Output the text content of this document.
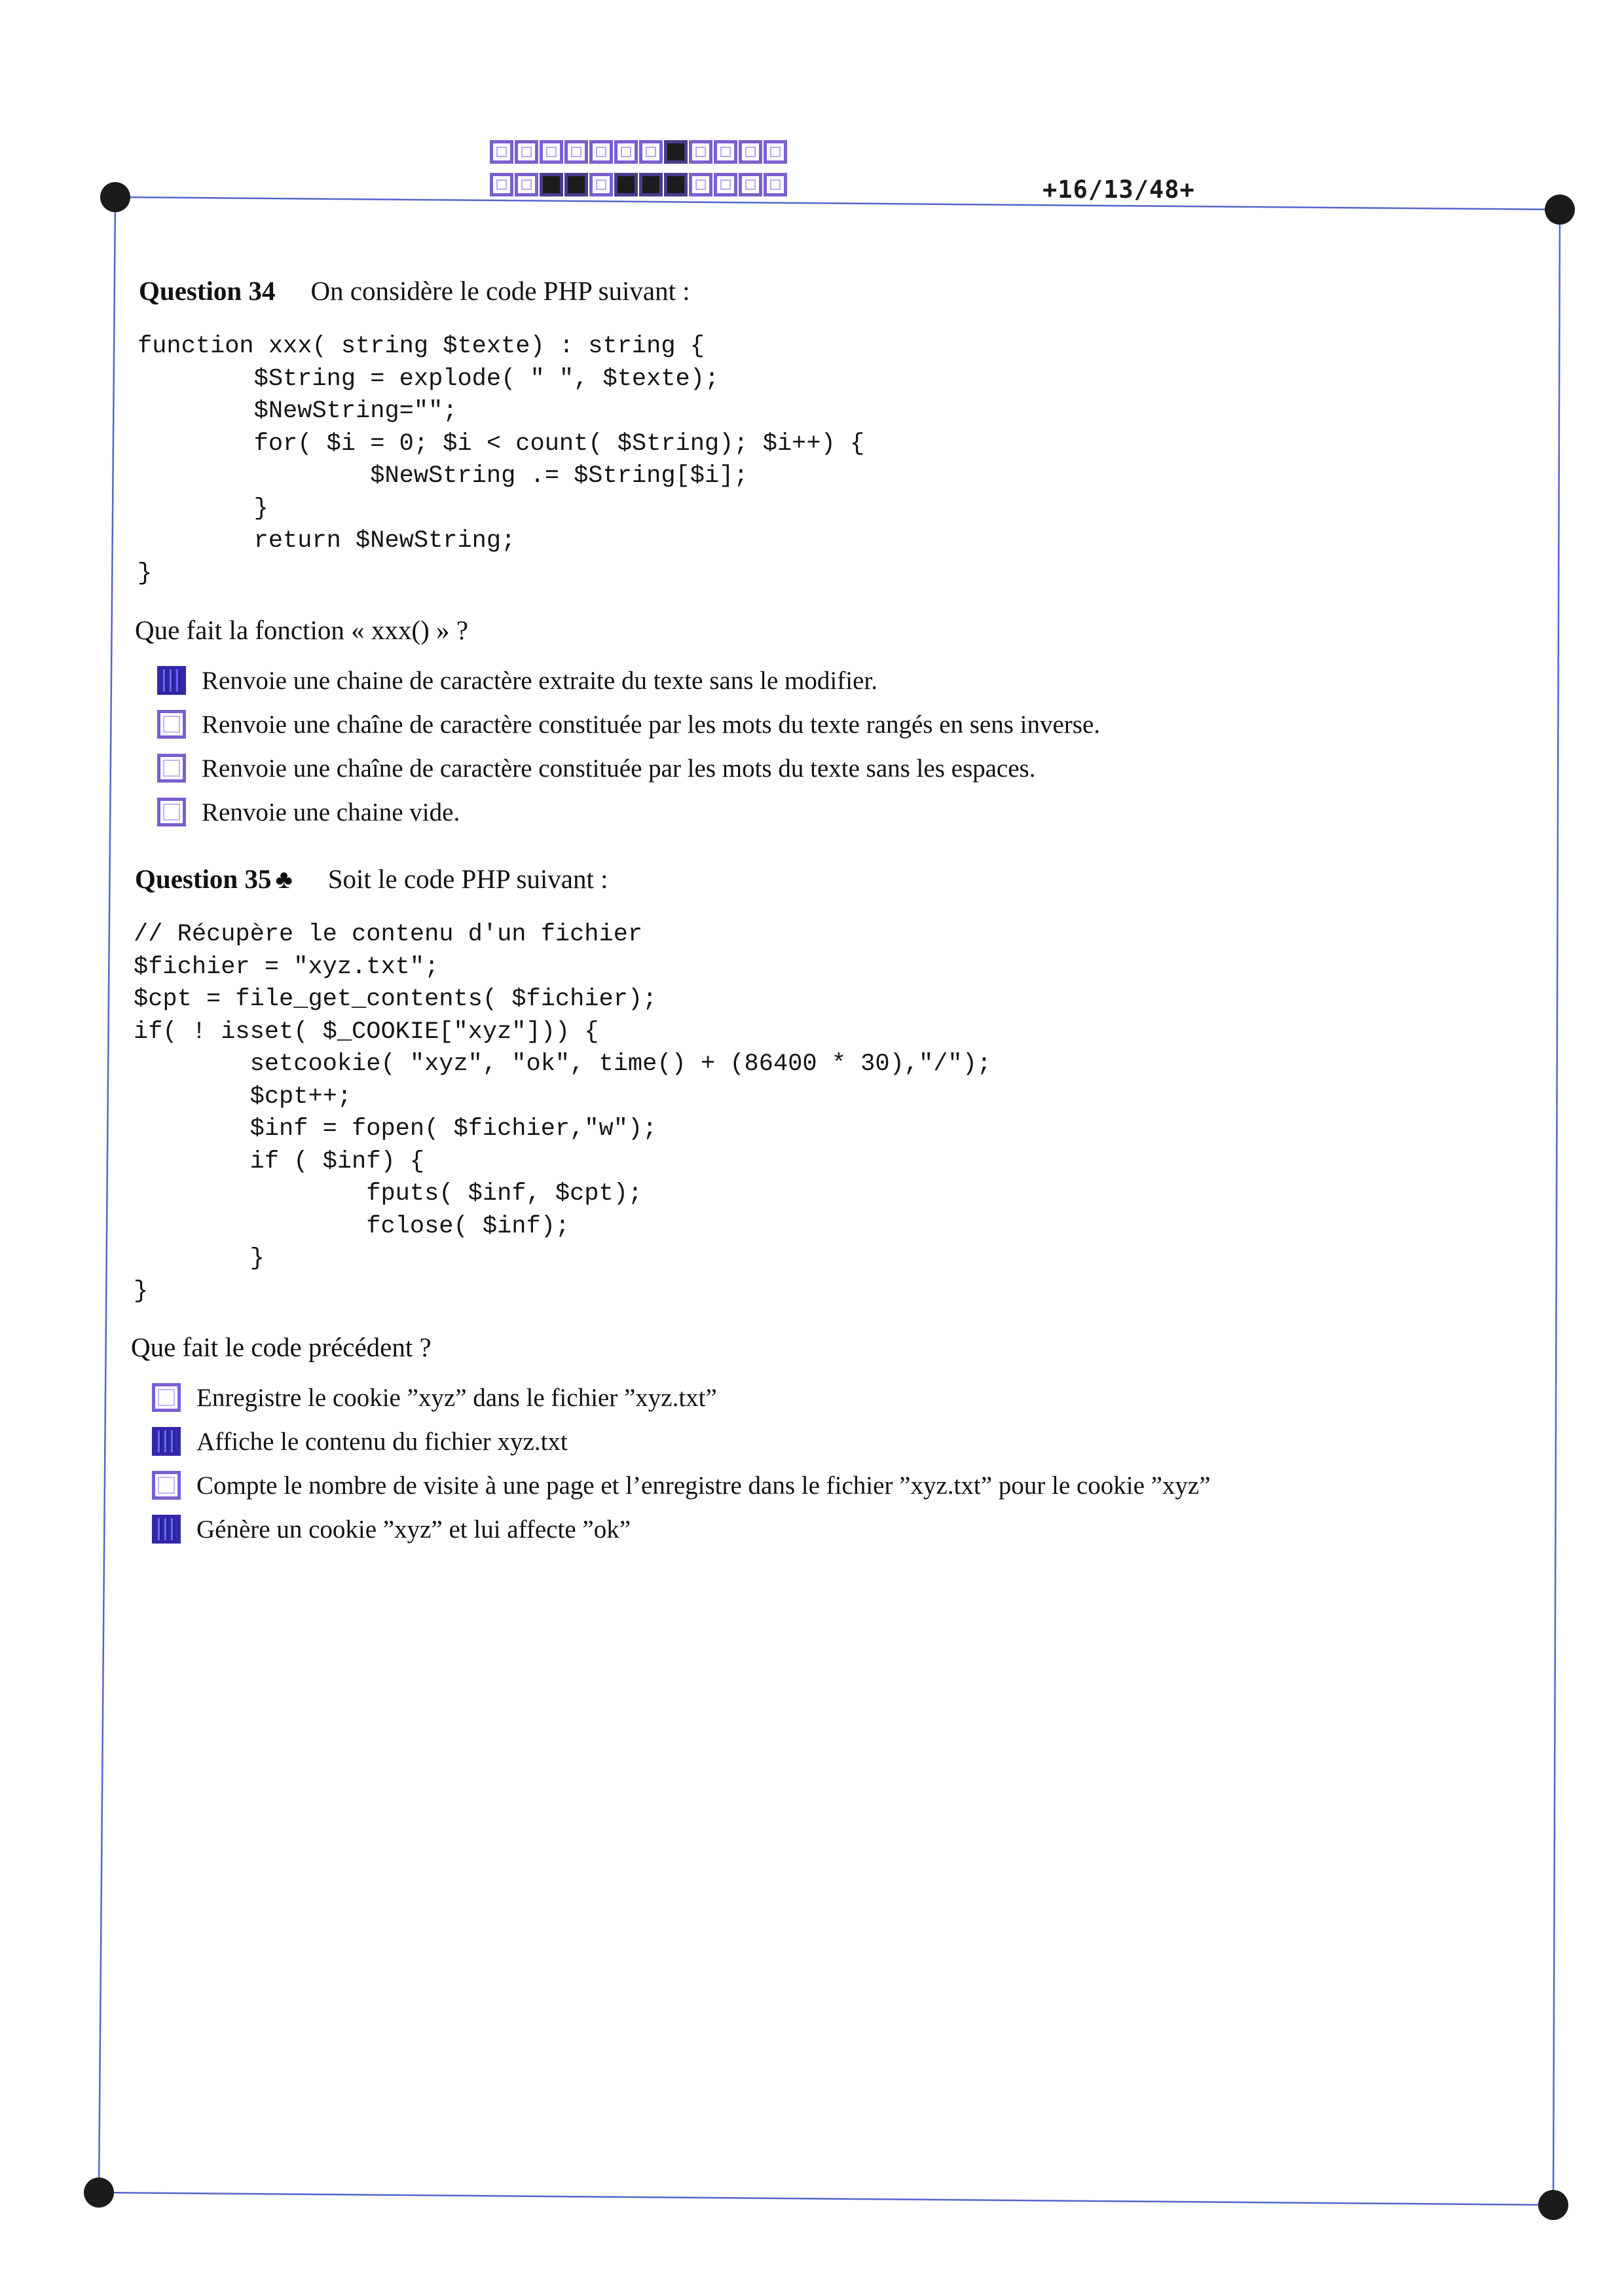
+16/13/48+
Question 34 On considère le code PHP suivant :
function xxx( string $texte) : string {
$String = explode( " ", $texte);
$NewString="";
for( $i = 0; $i < count( $String); $i++) {
$NewString .= $String[$i];
}
return $NewString;
}
Que fait la fonction « xxx() » ?
Renvoie une chaine de caractère extraite du texte sans le modifier.
Renvoie une chaîne de caractère constituée par les mots du texte rangés en sens inverse.
Renvoie une chaîne de caractère constituée par les mots du texte sans les espaces.
Renvoie une chaine vide.
Question 35 ♣ Soit le code PHP suivant :
// Récupère le contenu d'un fichier
$fichier = "xyz.txt";
$cpt = file_get_contents( $fichier);
if( ! isset( $_COOKIE["xyz"])) {
setcookie( "xyz", "ok", time() + (86400 * 30),"/");
$cpt++;
$inf = fopen( $fichier,"w");
if ( $inf) {
fputs( $inf, $cpt);
fclose( $inf);
}
}
Que fait le code précédent ?
Enregistre le cookie ”xyz” dans le fichier ”xyz.txt”
Affiche le contenu du fichier xyz.txt
Compte le nombre de visite à une page et l’enregistre dans le fichier ”xyz.txt” pour le cookie ”xyz”
Génère un cookie ”xyz” et lui affecte ”ok”
